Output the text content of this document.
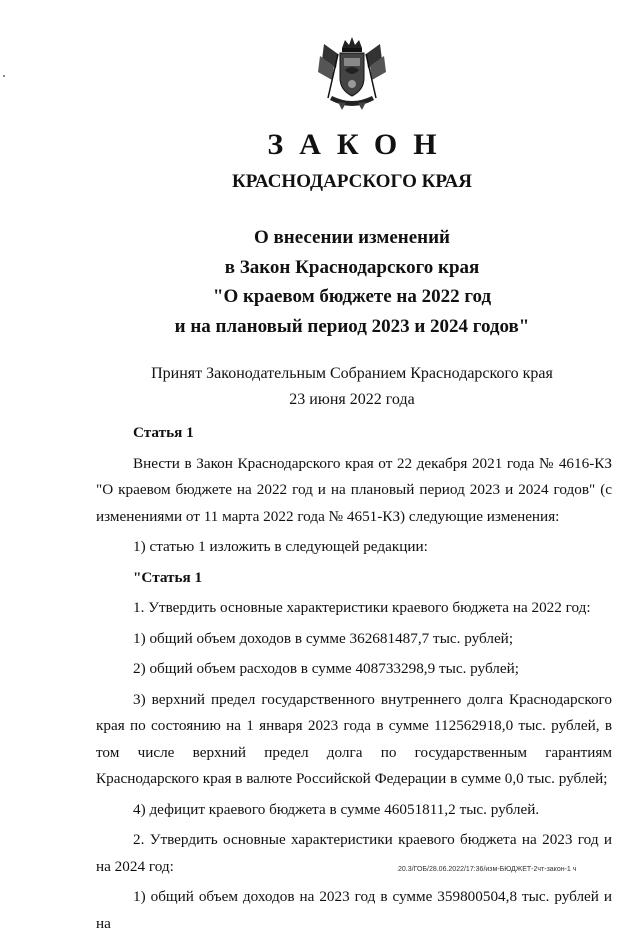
ЗАКОН
КРАСНОДАРСКОГО КРАЯ
О внесении изменений
в Закон Краснодарского края
"О краевом бюджете на 2022 год
и на плановый период 2023 и 2024 годов"
Принят Законодательным Собранием Краснодарского края
23 июня 2022 года
Статья 1
Внести в Закон Краснодарского края от 22 декабря 2021 года № 4616-КЗ "О краевом бюджете на 2022 год и на плановый период 2023 и 2024 годов" (с изменениями от 11 марта 2022 года № 4651-КЗ) следующие изменения:
1) статью 1 изложить в следующей редакции:
"Статья 1
1. Утвердить основные характеристики краевого бюджета на 2022 год:
1) общий объем доходов в сумме 362681487,7 тыс. рублей;
2) общий объем расходов в сумме 408733298,9 тыс. рублей;
3) верхний предел государственного внутреннего долга Краснодарского края по состоянию на 1 января 2023 года в сумме 112562918,0 тыс. рублей, в том числе верхний предел долга по государственным гарантиям Краснодарского края в валюте Российской Федерации в сумме 0,0 тыс. рублей;
4) дефицит краевого бюджета в сумме 46051811,2 тыс. рублей.
2. Утвердить основные характеристики краевого бюджета на 2023 год и на 2024 год:
1) общий объем доходов на 2023 год в сумме 359800504,8 тыс. рублей и на
20.3/ГОБ/28.06.2022/17:36/изм-БЮДЖЕТ-2чт-закон-1 ч
